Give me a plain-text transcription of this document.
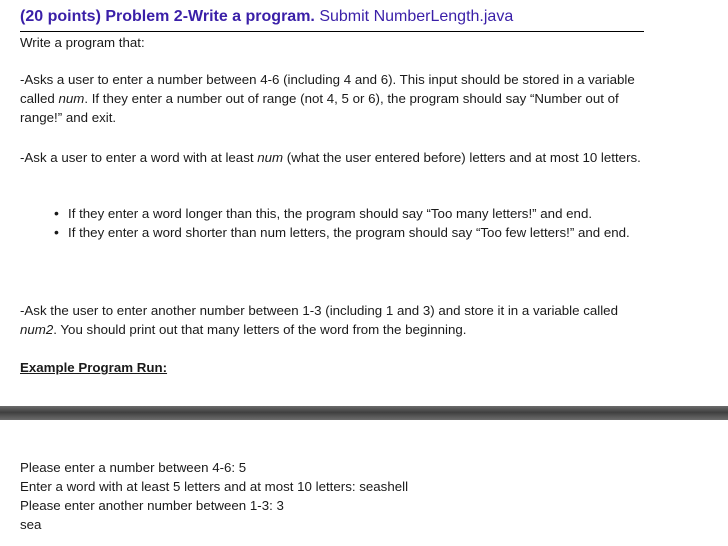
(20 points) Problem 2-Write a program. Submit NumberLength.java
Write a program that:
-Asks a user to enter a number between 4-6 (including 4 and 6). This input should be stored in a variable called num. If they enter a number out of range (not 4, 5 or 6), the program should say “Number out of range!” and exit.
-Ask a user to enter a word with at least num (what the user entered before) letters and at most 10 letters.
• If they enter a word longer than this, the program should say “Too many letters!” and end.
• If they enter a word shorter than num letters, the program should say “Too few letters!” and end.
-Ask the user to enter another number between 1-3 (including 1 and 3) and store it in a variable called num2. You should print out that many letters of the word from the beginning.
Example Program Run:
Please enter a number between 4-6: 5
Enter a word with at least 5 letters and at most 10 letters: seashell
Please enter another number between 1-3: 3
sea
